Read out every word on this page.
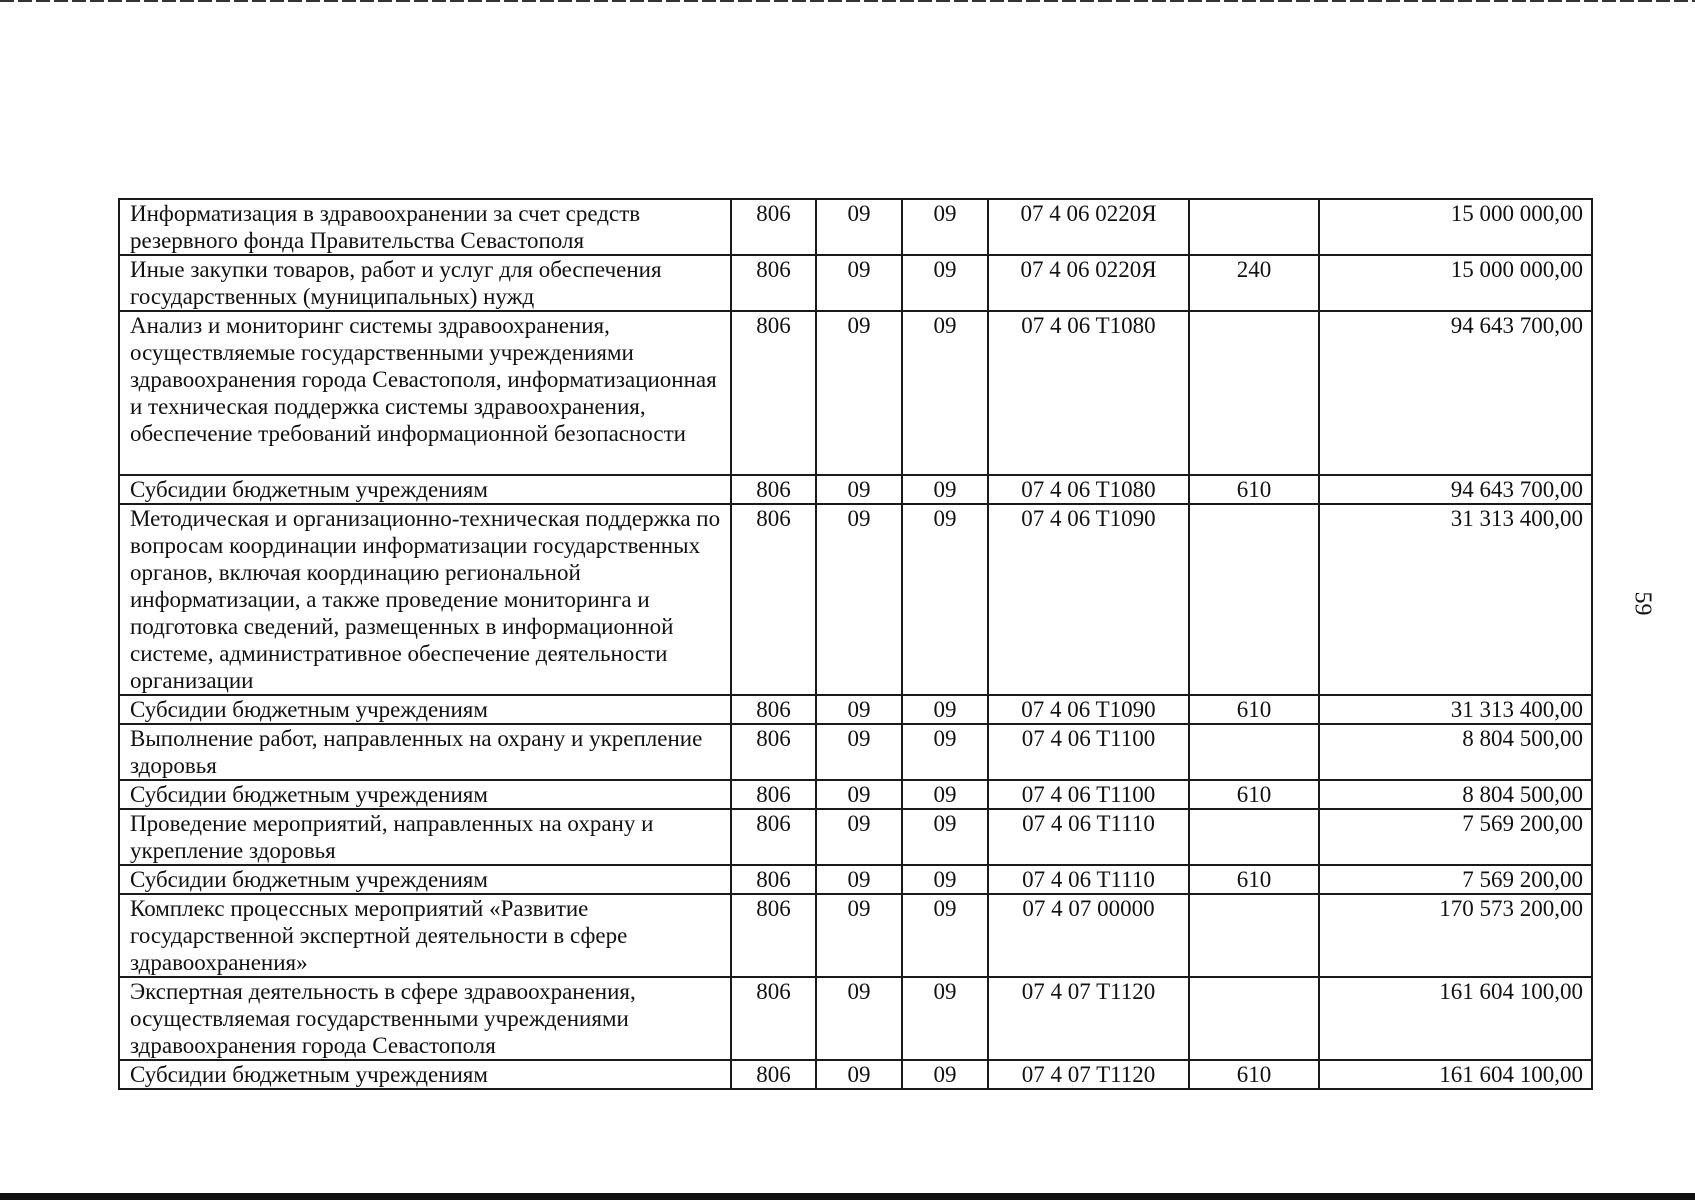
Информатизация в здравоохранении за счет средств резервного фонда Правительства Севастополя	806	09	09	07 4 06 0220Я		15 000 000,00
Иные закупки товаров, работ и услуг для обеспечения государственных (муниципальных) нужд	806	09	09	07 4 06 0220Я	240	15 000 000,00
Анализ и мониторинг системы здравоохранения, осуществляемые государственными учреждениями здравоохранения города Севастополя, информатизационная и техническая поддержка системы здравоохранения, обеспечение требований информационной безопасности	806	09	09	07 4 06 T1080		94 643 700,00
Субсидии бюджетным учреждениям	806	09	09	07 4 06 T1080	610	94 643 700,00
Методическая и организационно-техническая поддержка по вопросам координации информатизации государственных органов, включая координацию региональной информатизации, а также проведение мониторинга и подготовка сведений, размещенных в информационной системе, административное обеспечение деятельности организации	806	09	09	07 4 06 T1090		31 313 400,00
Субсидии бюджетным учреждениям	806	09	09	07 4 06 T1090	610	31 313 400,00
Выполнение работ, направленных на охрану и укрепление здоровья	806	09	09	07 4 06 T1100		8 804 500,00
Субсидии бюджетным учреждениям	806	09	09	07 4 06 T1100	610	8 804 500,00
Проведение мероприятий, направленных на охрану и укрепление здоровья	806	09	09	07 4 06 T1110		7 569 200,00
Субсидии бюджетным учреждениям	806	09	09	07 4 06 T1110	610	7 569 200,00
Комплекс процессных мероприятий «Развитие государственной экспертной деятельности в сфере здравоохранения»	806	09	09	07 4 07 00000		170 573 200,00
Экспертная деятельность в сфере здравоохранения, осуществляемая государственными учреждениями здравоохранения города Севастополя	806	09	09	07 4 07 T1120		161 604 100,00
Субсидии бюджетным учреждениям	806	09	09	07 4 07 T1120	610	161 604 100,00
59
